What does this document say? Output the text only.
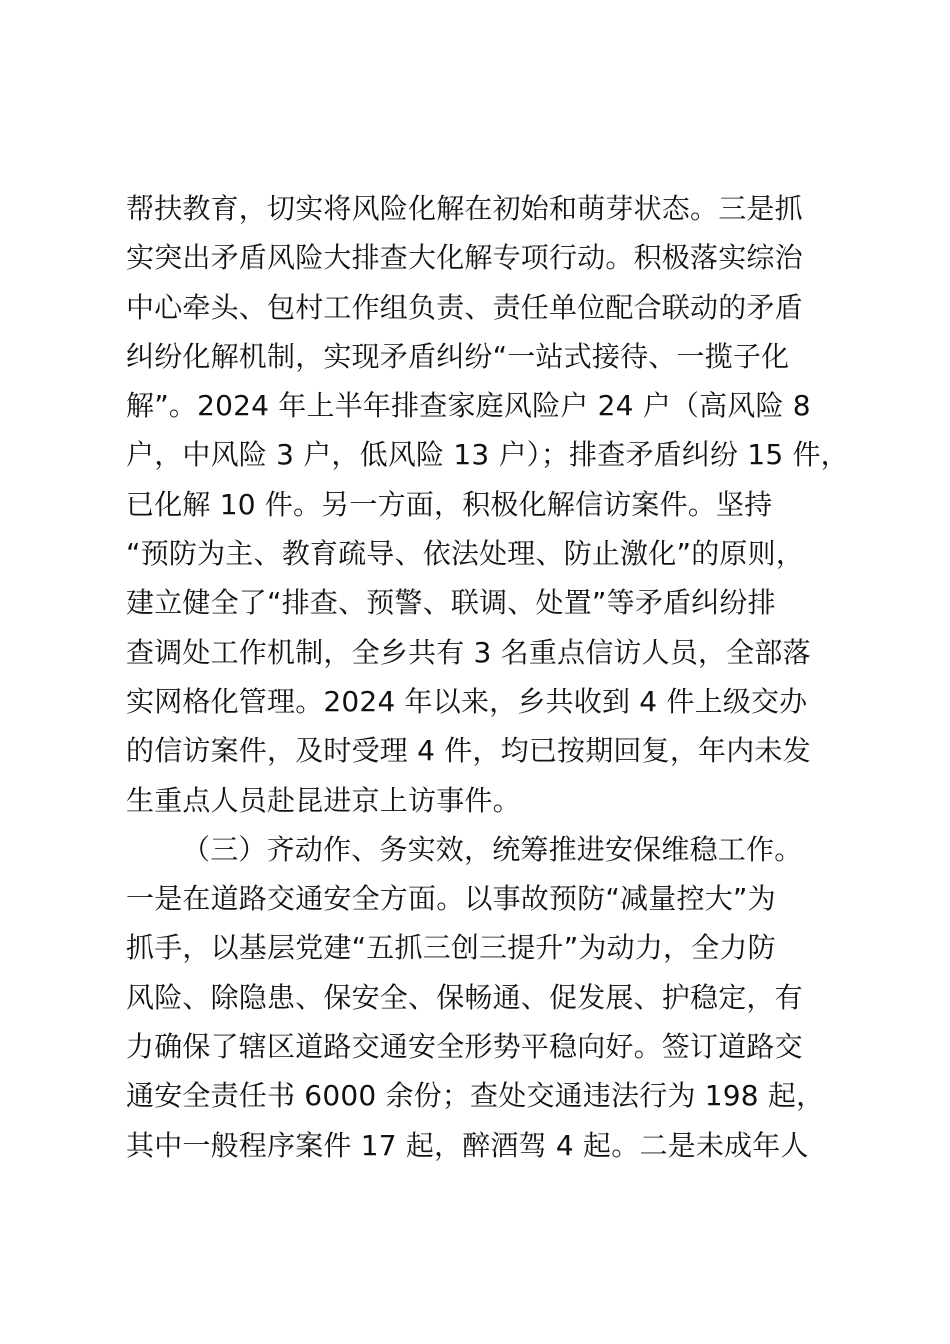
帮扶教育，切实将风险化解在初始和萌芽状态。三是抓
实突出矛盾风险大排查大化解专项行动。积极落实综治
中心牵头、包村工作组负责、责任单位配合联动的矛盾
纠纷化解机制，实现矛盾纠纷“一站式接待、一揽子化
解”。2024 年上半年排查家庭风险户 24 户（高风险 8
户，中风险 3 户，低风险 13 户）；排查矛盾纠纷 15 件，
已化解 10 件。另一方面，积极化解信访案件。坚持
“预防为主、教育疏导、依法处理、防止激化”的原则，
建立健全了“排查、预警、联调、处置”等矛盾纠纷排
查调处工作机制，全乡共有 3 名重点信访人员，全部落
实网格化管理。2024 年以来，乡共收到 4 件上级交办
的信访案件，及时受理 4 件，均已按期回复，年内未发
生重点人员赴昆进京上访事件。
（三）齐动作、务实效，统筹推进安保维稳工作。
一是在道路交通安全方面。以事故预防“减量控大”为
抓手，以基层党建“五抓三创三提升”为动力，全力防
风险、除隐患、保安全、保畅通、促发展、护稳定，有
力确保了辖区道路交通安全形势平稳向好。签订道路交
通安全责任书 6000 余份；查处交通违法行为 198 起，
其中一般程序案件 17 起，醉酒驾 4 起。二是未成年人
